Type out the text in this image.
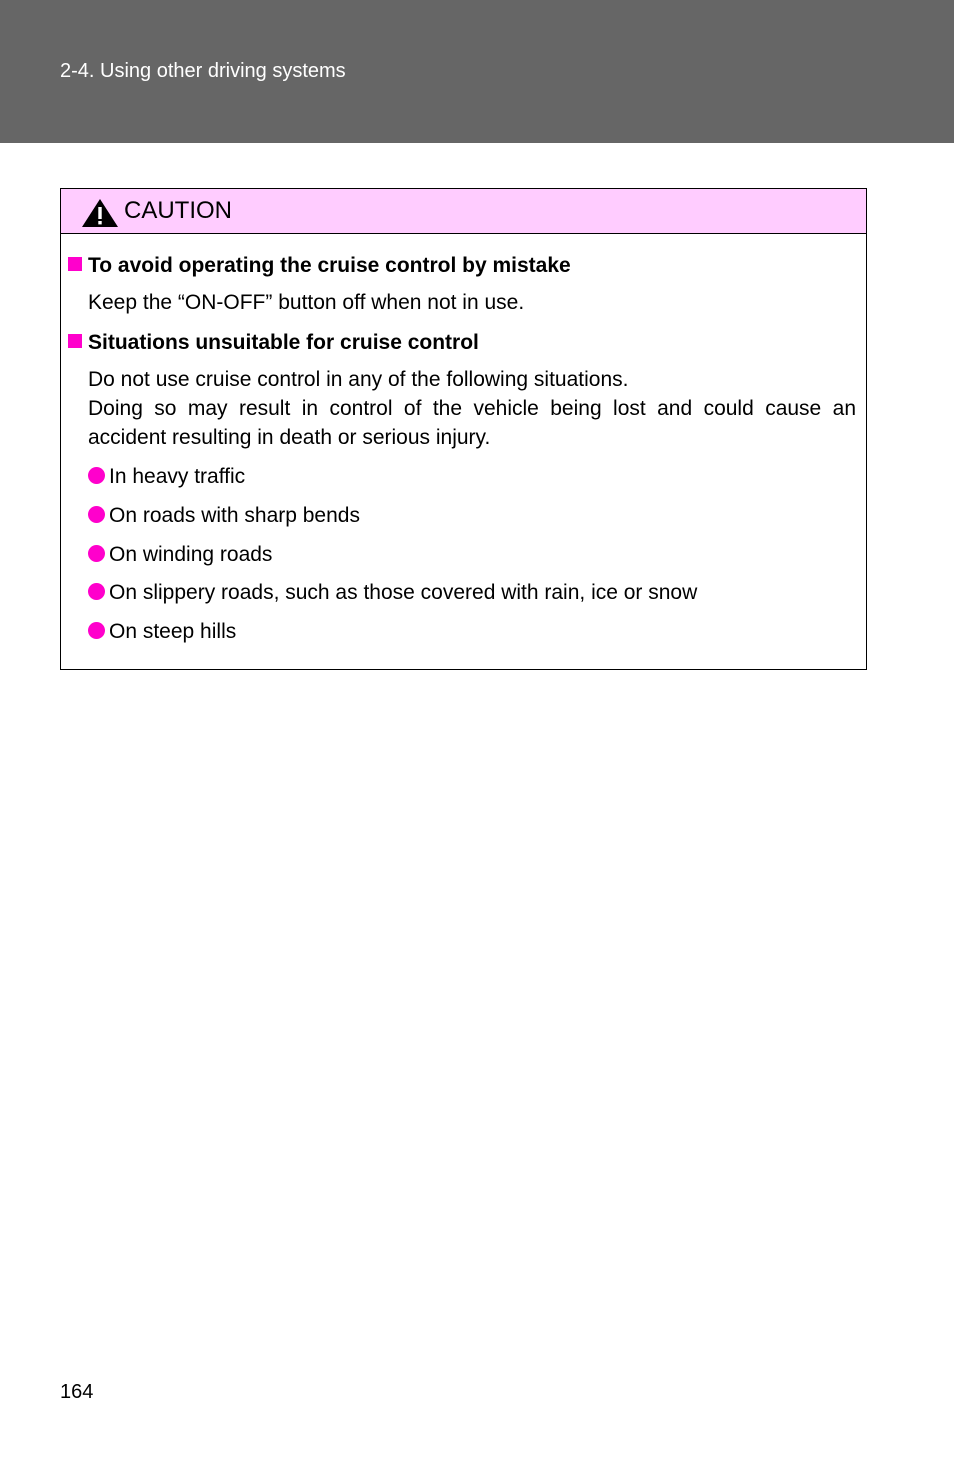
2-4. Using other driving systems
CAUTION
To avoid operating the cruise control by mistake
Keep the “ON-OFF” button off when not in use.
Situations unsuitable for cruise control
Do not use cruise control in any of the following situations.
Doing so may result in control of the vehicle being lost and could cause an accident resulting in death or serious injury.
In heavy traffic
On roads with sharp bends
On winding roads
On slippery roads, such as those covered with rain, ice or snow
On steep hills
164
